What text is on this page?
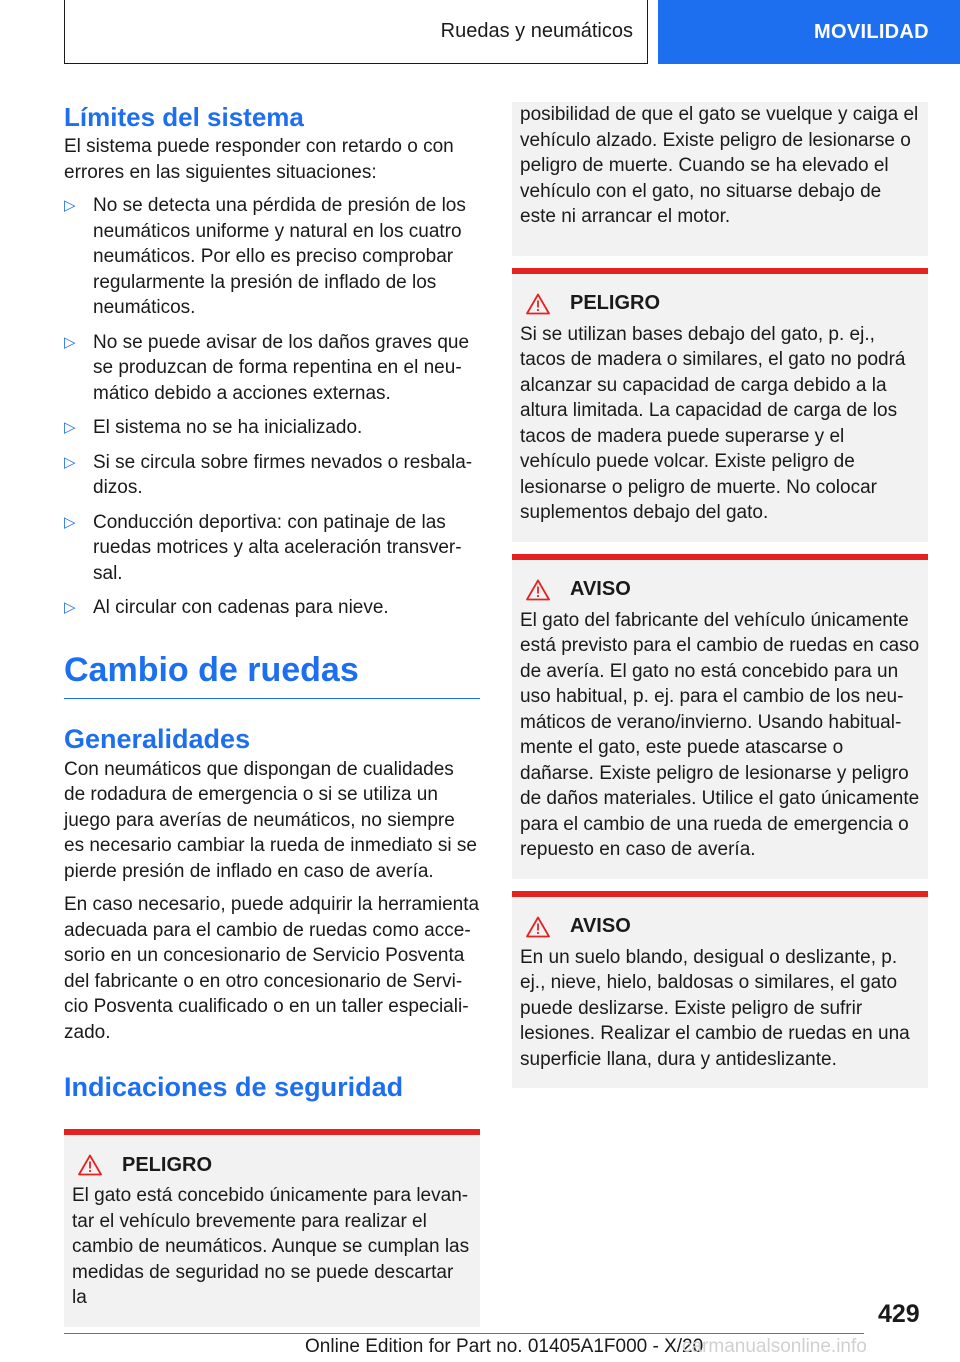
Ruedas y neumáticos	MOVILIDAD
Límites del sistema

El sistema puede responder con retardo o con errores en las siguientes situaciones:

▷ No se detecta una pérdida de presión de los neumáticos uniforme y natural en los cuatro neumáticos. Por ello es preciso comprobar regularmente la presión de inflado de los neumáticos.
▷ No se puede avisar de los daños graves que se produzcan de forma repentina en el neumático debido a acciones externas.
▷ El sistema no se ha inicializado.
▷ Si se circula sobre firmes nevados o resbaladizos.
▷ Conducción deportiva: con patinaje de las ruedas motrices y alta aceleración transversal.
▷ Al circular con cadenas para nieve.
Cambio de ruedas
Generalidades

Con neumáticos que dispongan de cualidades de rodadura de emergencia o si se utiliza un juego para averías de neumáticos, no siempre es necesario cambiar la rueda de inmediato si se pierde presión de inflado en caso de avería.

En caso necesario, puede adquirir la herramienta adecuada para el cambio de ruedas como accesorio en un concesionario de Servicio Posventa del fabricante o en otro concesionario de Servicio Posventa cualificado o en un taller especializado.

Indicaciones de seguridad
PELIGRO

El gato está concebido únicamente para levantar el vehículo brevemente para realizar el cambio de neumáticos. Aunque se cumplan las medidas de seguridad no se puede descartar la

posibilidad de que el gato se vuelque y caiga el vehículo alzado. Existe peligro de lesionarse o peligro de muerte. Cuando se ha elevado el vehículo con el gato, no situarse debajo de este ni arrancar el motor.

PELIGRO

Si se utilizan bases debajo del gato, p. ej., tacos de madera o similares, el gato no podrá alcanzar su capacidad de carga debido a la altura limitada. La capacidad de carga de los tacos de madera puede superarse y el vehículo puede volcar. Existe peligro de lesionarse o peligro de muerte. No colocar suplementos debajo del gato.

AVISO

El gato del fabricante del vehículo únicamente está previsto para el cambio de ruedas en caso de avería. El gato no está concebido para un uso habitual, p. ej. para el cambio de los neumáticos de verano/invierno. Usando habitualmente el gato, este puede atascarse o dañarse. Existe peligro de lesionarse y peligro de daños materiales. Utilice el gato únicamente para el cambio de una rueda de emergencia o repuesto en caso de avería.

AVISO

En un suelo blando, desigual o deslizante, p. ej., nieve, hielo, baldosas o similares, el gato puede deslizarse. Existe peligro de sufrir lesiones. Realizar el cambio de ruedas en una superficie llana, dura y antideslizante.

429
Online Edition for Part no. 01405A1F000 - X/20
carmanualsonline.info
